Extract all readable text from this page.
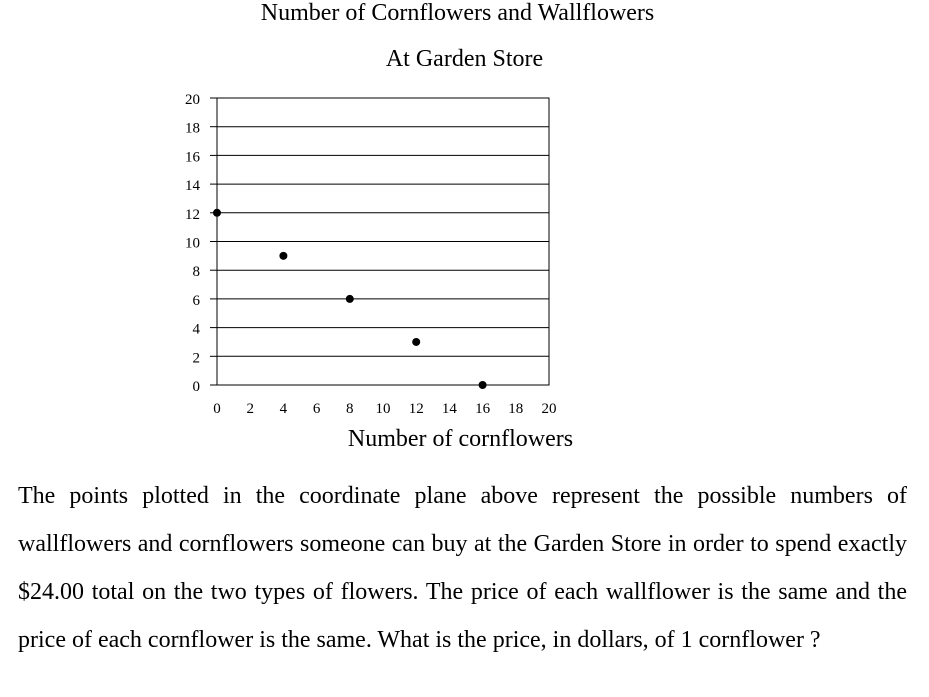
Number of Cornflowers and Wallflowers
At Garden Store
0
2
4
6
8
10
12
14
16
18
20
0 2 4 6 8 10 12 14 16 18 20
Number of cornflowers

The points plotted in the coordinate plane above represent the possible numbers of wallflowers and cornflowers someone can buy at the Garden Store in order to spend exactly $24.00 total on the two types of flowers. The price of each wallflower is the same and the price of each cornflower is the same. What is the price, in dollars, of 1 cornflower ?
